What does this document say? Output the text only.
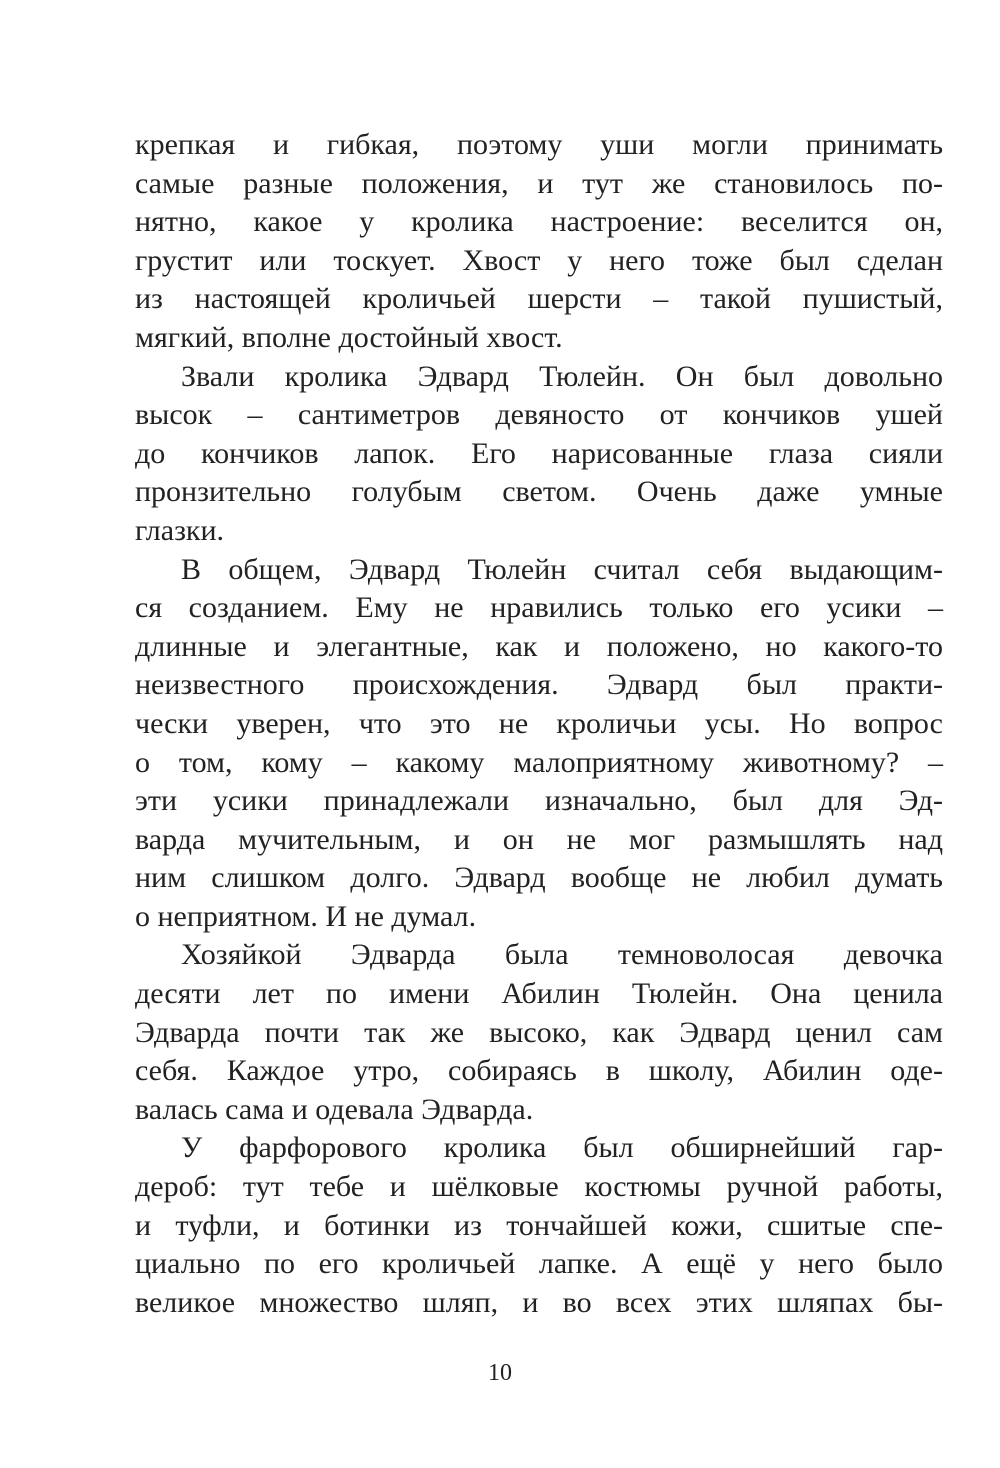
крепкая и гибкая, поэтому уши могли принимать
самые разные положения, и тут же становилось по-
нятно, какое у кролика настроение: веселится он,
грустит или тоскует. Хвост у него тоже был сделан
из настоящей кроличьей шерсти – такой пушистый,
мягкий, вполне достойный хвост.
Звали кролика Эдвард Тюлейн. Он был довольно
высок – сантиметров девяносто от кончиков ушей
до кончиков лапок. Его нарисованные глаза сияли
пронзительно голубым светом. Очень даже умные
глазки.
В общем, Эдвард Тюлейн считал себя выдающим-
ся созданием. Ему не нравились только его усики –
длинные и элегантные, как и положено, но какого-то
неизвестного происхождения. Эдвард был практи-
чески уверен, что это не кроличьи усы. Но вопрос
о том, кому – какому малоприятному животному? –
эти усики принадлежали изначально, был для Эд-
варда мучительным, и он не мог размышлять над
ним слишком долго. Эдвард вообще не любил думать
о неприятном. И не думал.
Хозяйкой Эдварда была темноволосая девочка
десяти лет по имени Абилин Тюлейн. Она ценила
Эдварда почти так же высоко, как Эдвард ценил сам
себя. Каждое утро, собираясь в школу, Абилин оде-
валась сама и одевала Эдварда.
У фарфорового кролика был обширнейший гар-
дероб: тут тебе и шёлковые костюмы ручной работы,
и туфли, и ботинки из тончайшей кожи, сшитые спе-
циально по его кроличьей лапке. А ещё у него было
великое множество шляп, и во всех этих шляпах бы-
10
